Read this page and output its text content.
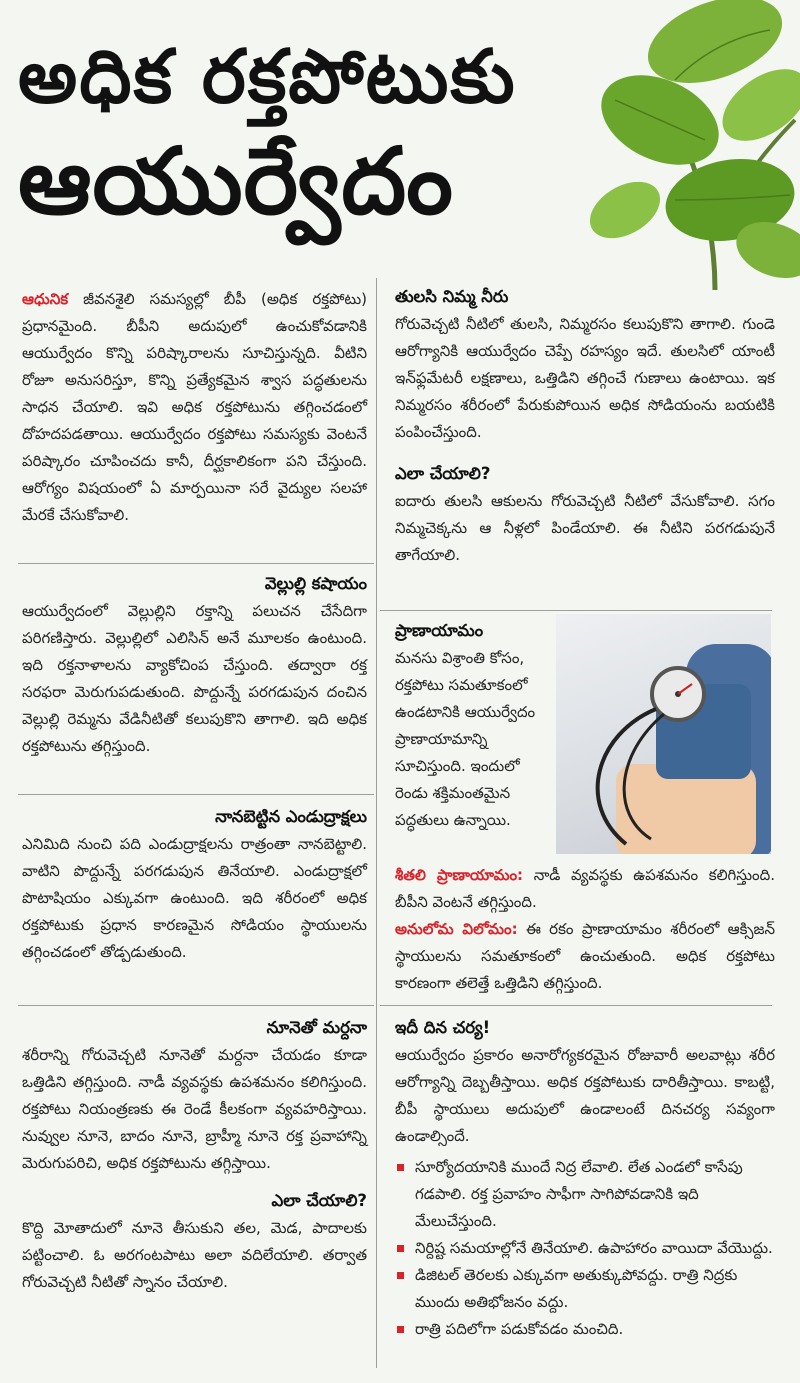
అధిక రక్తపోటుకు
ఆయుర్వేదం

ఆధునిక జీవనశైలి సమస్యల్లో బీపీ (అధిక రక్తపోటు) ప్రధానమైంది. బీపీని అదుపులో ఉంచుకోవడానికి ఆయుర్వేదం కొన్ని పరిష్కారాలను సూచిస్తున్నది. వీటిని రోజూ అనుసరిస్తూ, కొన్ని ప్రత్యేకమైన శ్వాస పద్ధతులను సాధన చేయాలి. ఇవి అధిక రక్తపోటును తగ్గించడంలో దోహదపడతాయి. ఆయుర్వేదం రక్తపోటు సమస్యకు వెంటనే పరిష్కారం చూపించదు కానీ, దీర్ఘకాలికంగా పని చేస్తుంది. ఆరోగ్యం విషయంలో ఏ మార్పయినా సరే వైద్యుల సలహా మేరకే చేసుకోవాలి.

వెల్లుల్లి కషాయం

ఆయుర్వేదంలో వెల్లుల్లిని రక్తాన్ని పలుచన చేసేదిగా పరిగణిస్తారు. వెల్లుల్లిలో ఎలిసిన్ అనే మూలకం ఉంటుంది. ఇది రక్తనాళాలను వ్యాకోచింప చేస్తుంది. తద్వారా రక్త సరఫరా మెరుగుపడుతుంది. పొద్దున్నే పరగడుపున దంచిన వెల్లుల్లి రెమ్మను వేడినీటితో కలుపుకొని తాగాలి. ఇది అధిక రక్తపోటును తగ్గిస్తుంది.

నానబెట్టిన ఎండుద్రాక్షలు

ఎనిమిది నుంచి పది ఎండుద్రాక్షలను రాత్రంతా నానబెట్టాలి. వాటిని పొద్దున్నే పరగడుపున తినేయాలి. ఎండుద్రాక్షలో పొటాషియం ఎక్కువగా ఉంటుంది. ఇది శరీరంలో అధిక రక్తపోటుకు ప్రధాన కారణమైన సోడియం స్థాయులను తగ్గించడంలో తోడ్పడుతుంది.

నూనెతో మర్దనా

శరీరాన్ని గోరువెచ్చటి నూనెతో మర్దనా చేయడం కూడా ఒత్తిడిని తగ్గిస్తుంది. నాడీ వ్యవస్థకు ఉపశమనం కలిగిస్తుంది. రక్తపోటు నియంత్రణకు ఈ రెండే కీలకంగా వ్యవహరిస్తాయి. నువ్వుల నూనె, బాదం నూనె, బ్రాహ్మీ నూనె రక్త ప్రవాహాన్ని మెరుగుపరిచి, అధిక రక్తపోటును తగ్గిస్తాయి.

ఎలా చేయాలి?

కొద్ది మోతాదులో నూనె తీసుకుని తల, మెడ, పాదాలకు పట్టించాలి. ఓ అరగంటపాటు అలా వదిలేయాలి. తర్వాత గోరువెచ్చటి నీటితో స్నానం చేయాలి.

తులసి నిమ్మ నీరు

గోరువెచ్చటి నీటిలో తులసి, నిమ్మరసం కలుపుకొని తాగాలి. గుండె ఆరోగ్యానికి ఆయుర్వేదం చెప్పే రహస్యం ఇదే. తులసిలో యాంటీ ఇన్‌ఫ్లమేటరీ లక్షణాలు, ఒత్తిడిని తగ్గించే గుణాలు ఉంటాయి. ఇక నిమ్మరసం శరీరంలో పేరుకుపోయిన అధిక సోడియంను బయటికి పంపించేస్తుంది.

ఎలా చేయాలి?

ఐదారు తులసి ఆకులను గోరువెచ్చటి నీటిలో వేసుకోవాలి. సగం నిమ్మచెక్కను ఆ నీళ్లలో పిండేయాలి. ఈ నీటిని పరగడుపునే తాగేయాలి.

ప్రాణాయామం

మనసు విశ్రాంతి కోసం, రక్తపోటు సమతూకంలో ఉండటానికి ఆయుర్వేదం ప్రాణాయామాన్ని సూచిస్తుంది. ఇందులో రెండు శక్తిమంతమైన పద్ధతులు ఉన్నాయి.

శీతలి ప్రాణాయామం: నాడీ వ్యవస్థకు ఉపశమనం కలిగిస్తుంది. బీపీని వెంటనే తగ్గిస్తుంది.

అనులోమ విలోమం: ఈ రకం ప్రాణాయామం శరీరంలో ఆక్సిజన్ స్థాయులను సమతూకంలో ఉంచుతుంది. అధిక రక్తపోటు కారణంగా తలెత్తే ఒత్తిడిని తగ్గిస్తుంది.

ఇదీ దిన చర్య!

ఆయుర్వేదం ప్రకారం అనారోగ్యకరమైన రోజువారీ అలవాట్లు శరీర ఆరోగ్యాన్ని దెబ్బతీస్తాయి. అధిక రక్తపోటుకు దారితీస్తాయి. కాబట్టి, బీపీ స్థాయులు అదుపులో ఉండాలంటే దినచర్య సవ్యంగా ఉండాల్సిందే.

సూర్యోదయానికి ముందే నిద్ర లేవాలి. లేత ఎండలో కాసేపు గడపాలి. రక్త ప్రవాహం సాఫీగా సాగిపోవడానికి ఇది మేలుచేస్తుంది.
నిర్దిష్ట సమయాల్లోనే తినేయాలి. ఉపాహారం వాయిదా వేయొద్దు.
డిజిటల్ తెరలకు ఎక్కువగా అతుక్కుపోవద్దు. రాత్రి నిద్రకు ముందు అతిభోజనం వద్దు.
రాత్రి పదిలోగా పడుకోవడం మంచిది.
